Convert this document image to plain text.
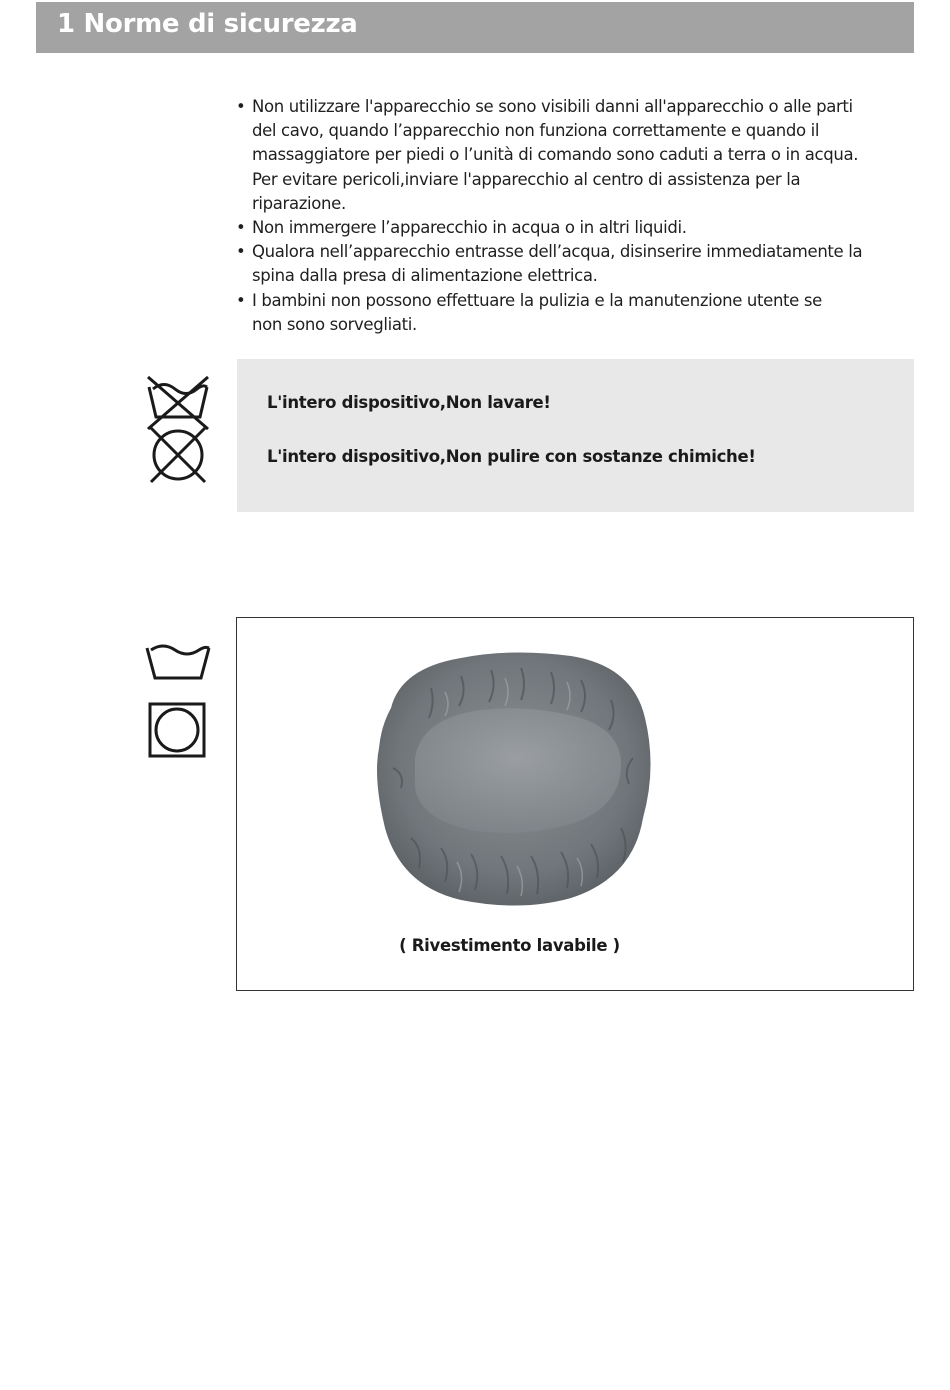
1 Norme di sicurezza
• Non utilizzare l'apparecchio se sono visibili danni all'apparecchio o alle parti
del cavo, quando l’apparecchio non funziona correttamente e quando il
massaggiatore per piedi o l’unità di comando sono caduti a terra o in acqua.
Per evitare pericoli,inviare l'apparecchio al centro di assistenza per la
riparazione.
• Non immergere l’apparecchio in acqua o in altri liquidi.
• Qualora nell’apparecchio entrasse dell’acqua, disinserire immediatamente la
spina dalla presa di alimentazione elettrica.
• I bambini non possono effettuare la pulizia e la manutenzione utente se
non sono sorvegliati.

L'intero dispositivo,Non lavare!

L'intero dispositivo,Non pulire con sostanze chimiche!

( Rivestimento lavabile )
